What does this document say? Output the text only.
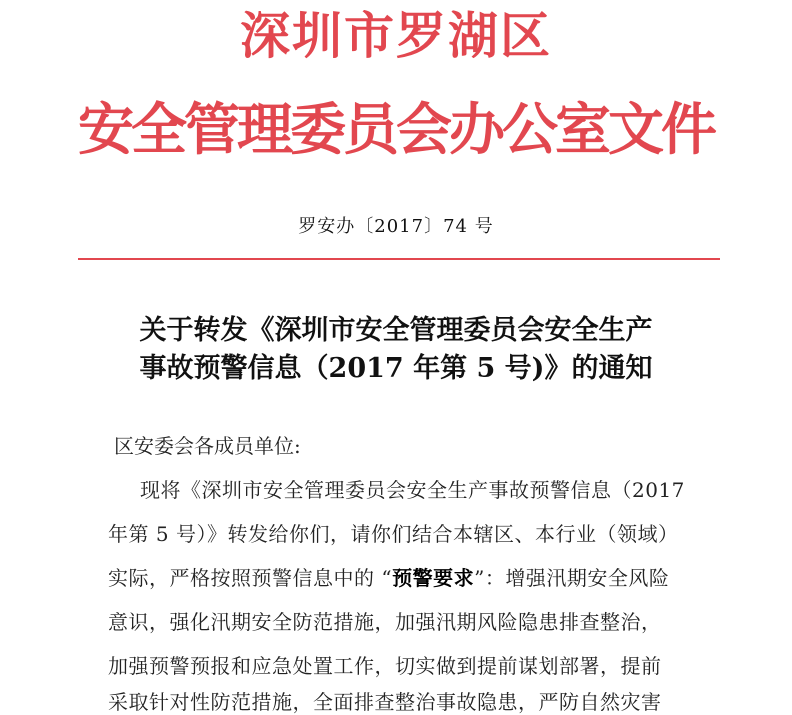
深圳市罗湖区
安全管理委员会办公室文件
罗安办〔2017〕74 号
关于转发《深圳市安全管理委员会安全生产
事故预警信息（2017 年第 5 号)》的通知
区安委会各成员单位:
现将《深圳市安全管理委员会安全生产事故预警信息（2017
年第 5 号）》转发给你们，请你们结合本辖区、本行业（领域）
实际，严格按照预警信息中的 “预警要求”：增强汛期安全风险
意识，强化汛期安全防范措施，加强汛期风险隐患排查整治，
加强预警预报和应急处置工作，切实做到提前谋划部署，提前
采取针对性防范措施，全面排查整治事故隐患，严防自然灾害
